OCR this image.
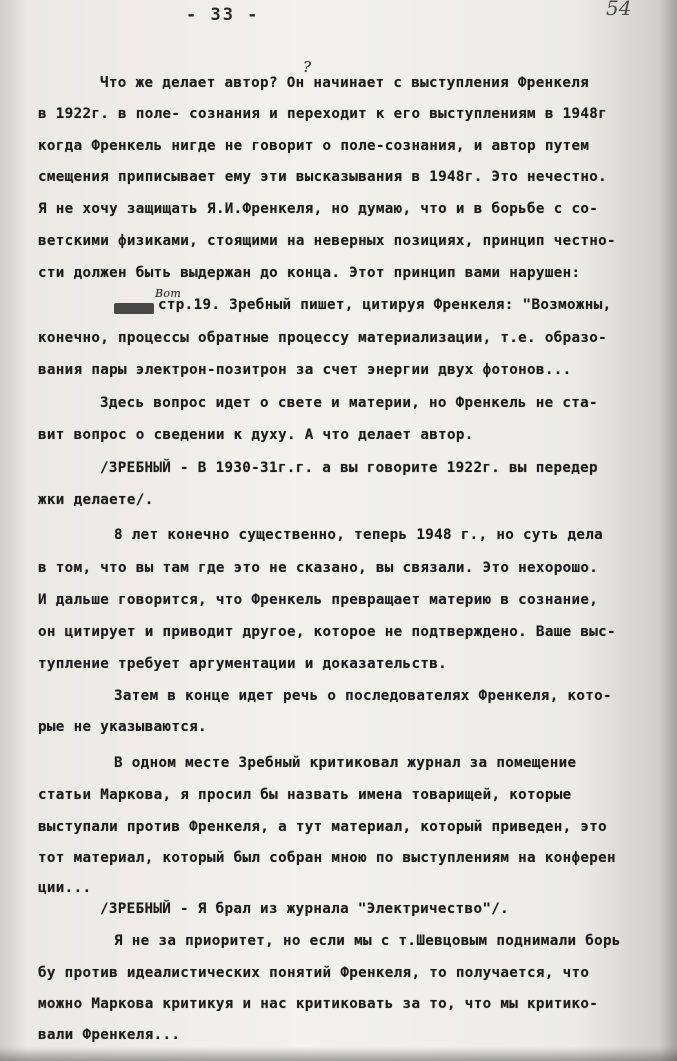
- 33 -	54
?
Вот
Что же делает автор? Он начинает с выступления Френкеля
в 1922г. в поле- сознания и переходит к его выступлениям в 1948г
когда Френкель нигде не говорит о поле-сознания, и автор путем
смещения приписывает ему эти высказывания в 1948г. Это нечестно.
Я не хочу защищать Я.И.Френкеля, но думаю, что и в борьбе с со-
ветскими физиками, стоящими на неверных позициях, принцип честно-
сти должен быть выдержан до конца. Этот принцип вами нарушен:
стр.19. Зребный пишет, цитируя Френкеля: "Возможны,
конечно, процессы обратные процессу материализации, т.е. образо-
вания пары электрон-позитрон за счет энергии двух фотонов...
Здесь вопрос идет о свете и материи, но Френкель не ста-
вит вопрос о сведении к духу. А что делает автор.
/ЗРЕБНЫЙ - В 1930-31г.г. а вы говорите 1922г. вы передер
жки делаете/.
8 лет конечно существенно, теперь 1948 г., но суть дела
в том, что вы там где это не сказано, вы связали. Это нехорошо.
И дальше говорится, что Френкель превращает материю в сознание,
он цитирует и приводит другое, которое не подтверждено. Ваше выс-
тупление требует аргументации и доказательств.
Затем в конце идет речь о последователях Френкеля, кото-
рые не указываются.
В одном месте Зребный критиковал журнал за помещение
статьи Маркова, я просил бы назвать имена товарищей, которые
выступали против Френкеля, а тут материал, который приведен, это
тот материал, который был собран мною по выступлениям на конферен
ции...
/ЗРЕБНЫЙ - Я брал из журнала "Электричество"/.
Я не за приоритет, но если мы с т.Шевцовым поднимали борь
бу против идеалистических понятий Френкеля, то получается, что
можно Маркова критикуя и нас критиковать за то, что мы критико-
вали Френкеля...
